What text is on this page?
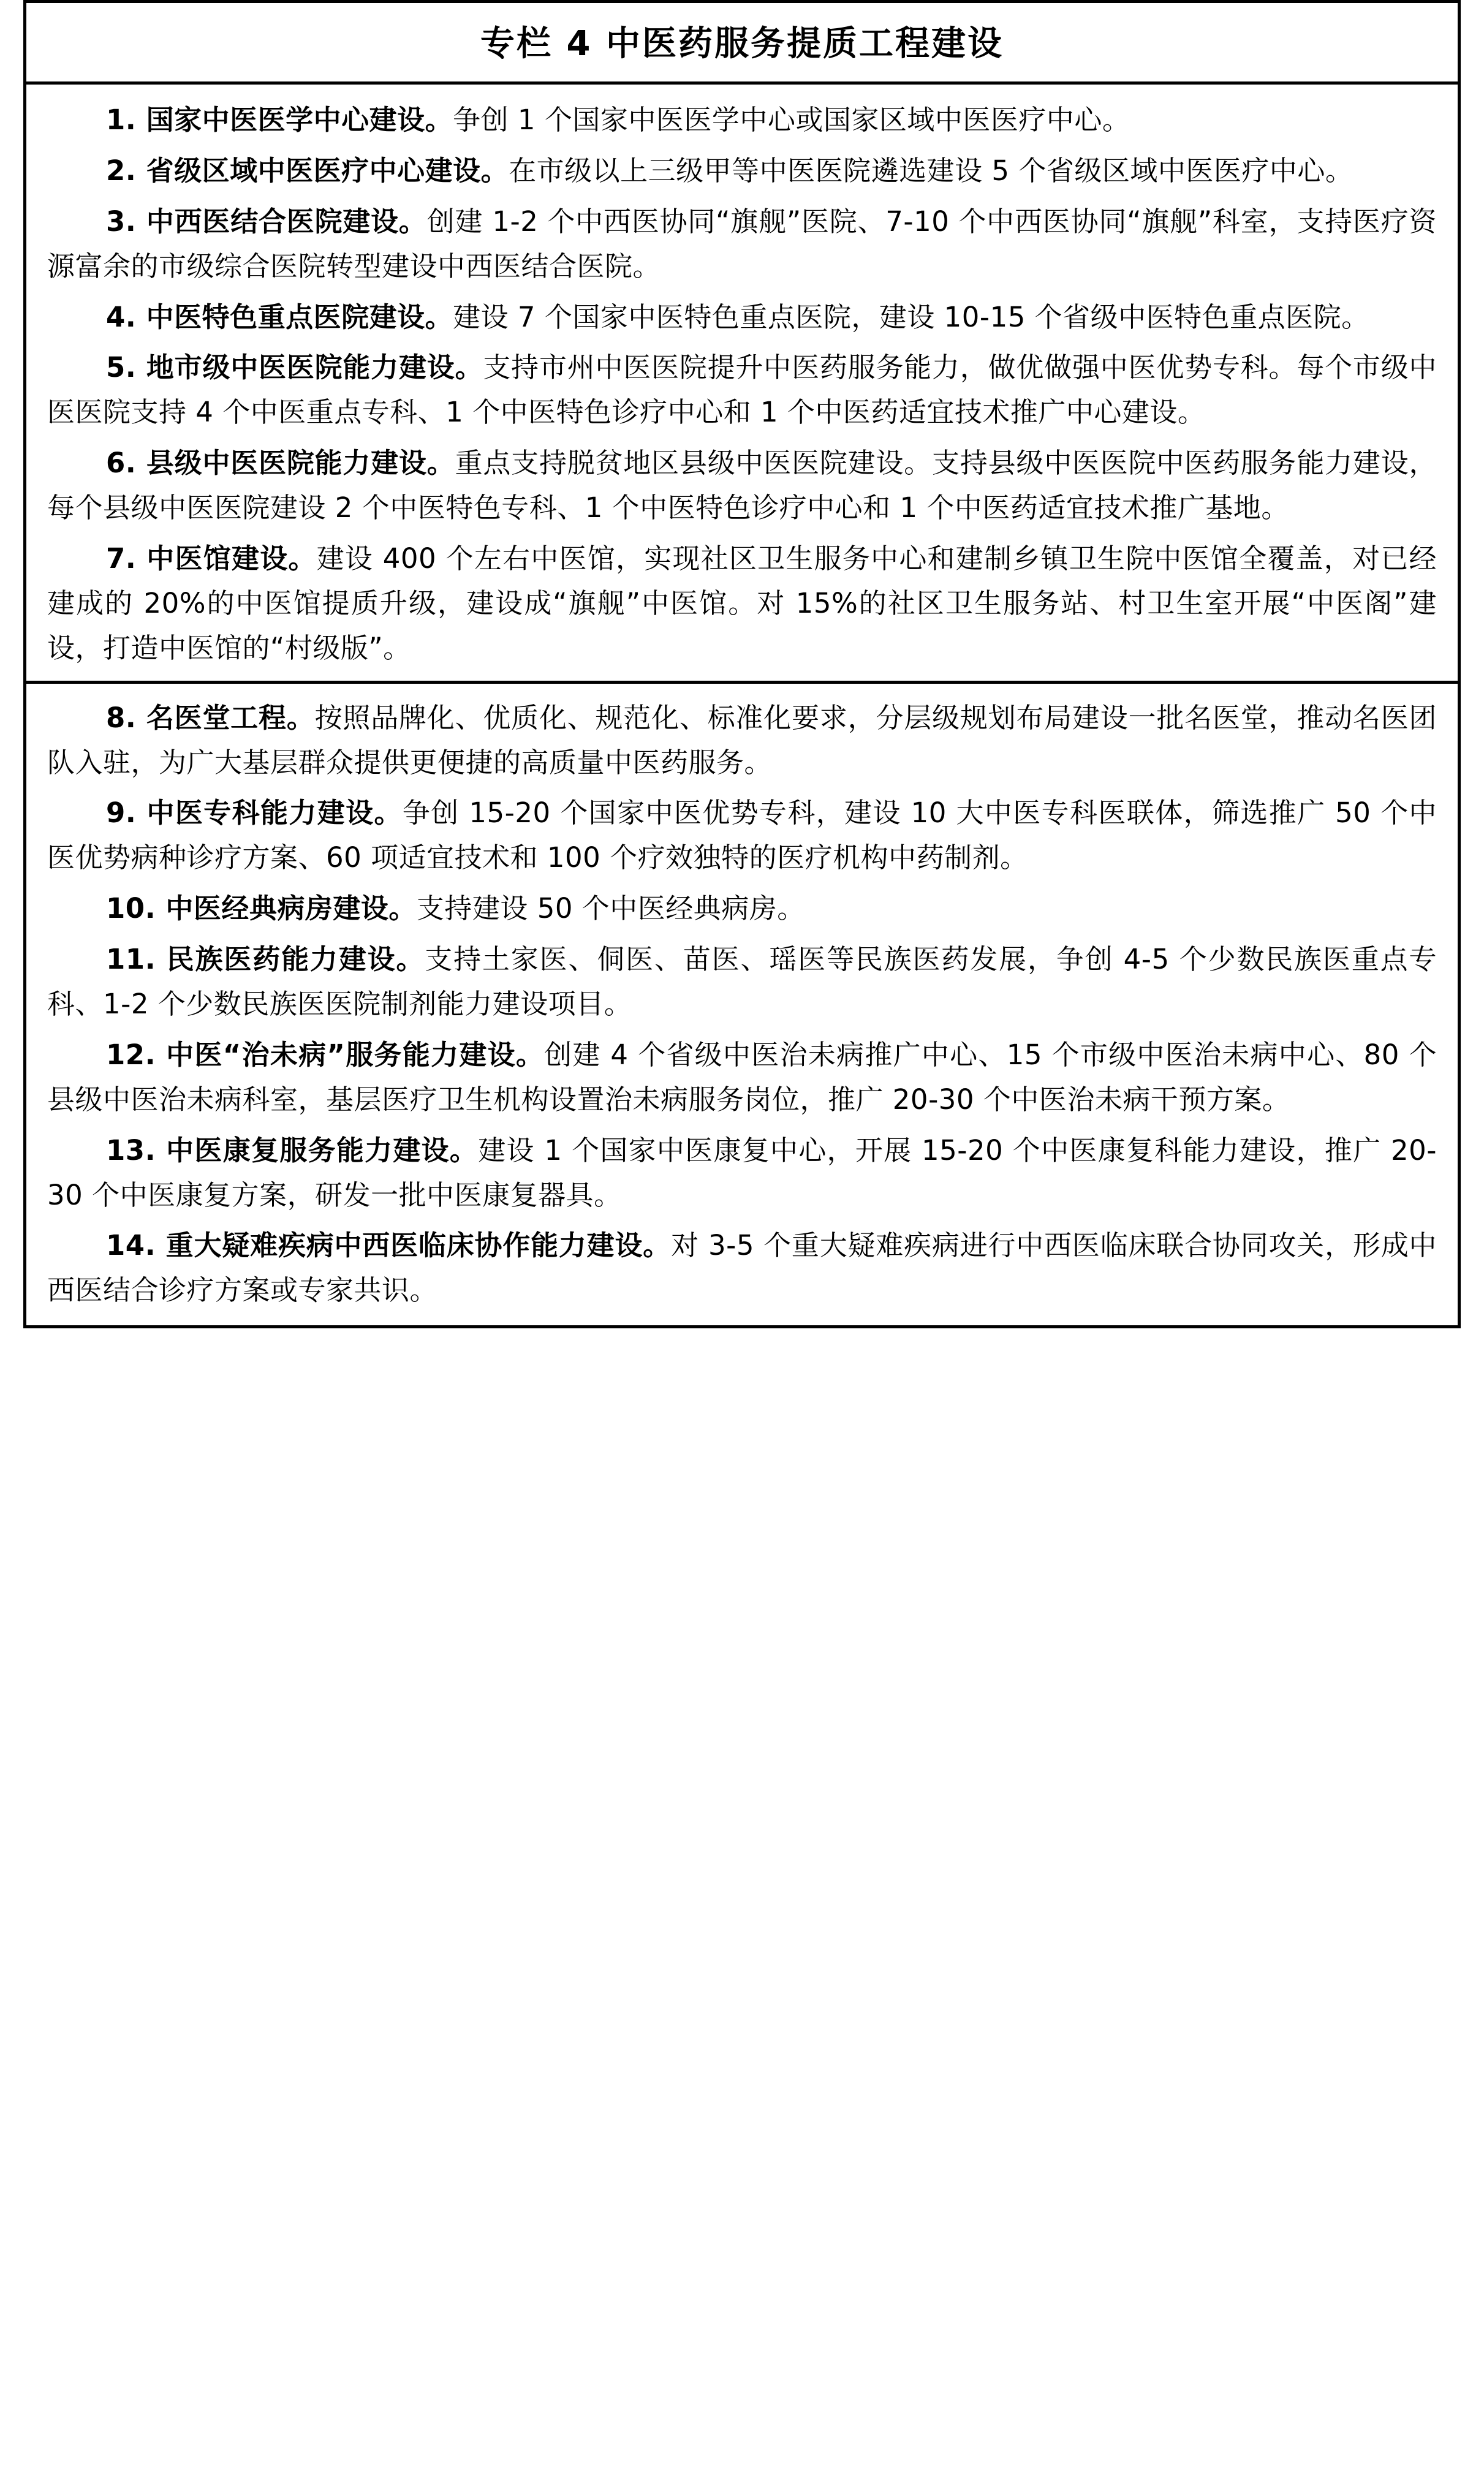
专栏 4 中医药服务提质工程建设

1. 国家中医医学中心建设。争创 1 个国家中医医学中心或国家区域中医医疗中心。

2. 省级区域中医医疗中心建设。在市级以上三级甲等中医医院遴选建设 5 个省级区域中医医疗中心。

3. 中西医结合医院建设。创建 1-2 个中西医协同“旗舰”医院、7-10 个中西医协同“旗舰”科室，支持医疗资源富余的市级综合医院转型建设中西医结合医院。

4. 中医特色重点医院建设。建设 7 个国家中医特色重点医院，建设 10-15 个省级中医特色重点医院。

5. 地市级中医医院能力建设。支持市州中医医院提升中医药服务能力，做优做强中医优势专科。每个市级中医医院支持 4 个中医重点专科、1 个中医特色诊疗中心和 1 个中医药适宜技术推广中心建设。

6. 县级中医医院能力建设。重点支持脱贫地区县级中医医院建设。支持县级中医医院中医药服务能力建设，每个县级中医医院建设 2 个中医特色专科、1 个中医特色诊疗中心和 1 个中医药适宜技术推广基地。

7. 中医馆建设。建设 400 个左右中医馆，实现社区卫生服务中心和建制乡镇卫生院中医馆全覆盖，对已经建成的 20%的中医馆提质升级，建设成“旗舰”中医馆。对 15%的社区卫生服务站、村卫生室开展“中医阁”建设，打造中医馆的“村级版”。

8. 名医堂工程。按照品牌化、优质化、规范化、标准化要求，分层级规划布局建设一批名医堂，推动名医团队入驻，为广大基层群众提供更便捷的高质量中医药服务。

9. 中医专科能力建设。争创 15-20 个国家中医优势专科，建设 10 大中医专科医联体，筛选推广 50 个中医优势病种诊疗方案、60 项适宜技术和 100 个疗效独特的医疗机构中药制剂。

10. 中医经典病房建设。支持建设 50 个中医经典病房。

11. 民族医药能力建设。支持土家医、侗医、苗医、瑶医等民族医药发展，争创 4-5 个少数民族医重点专科、1-2 个少数民族医医院制剂能力建设项目。

12. 中医“治未病”服务能力建设。创建 4 个省级中医治未病推广中心、15 个市级中医治未病中心、80 个县级中医治未病科室，基层医疗卫生机构设置治未病服务岗位，推广 20-30 个中医治未病干预方案。

13. 中医康复服务能力建设。建设 1 个国家中医康复中心，开展 15-20 个中医康复科能力建设，推广 20-30 个中医康复方案，研发一批中医康复器具。

14. 重大疑难疾病中西医临床协作能力建设。对 3-5 个重大疑难疾病进行中西医临床联合协同攻关，形成中西医结合诊疗方案或专家共识。
